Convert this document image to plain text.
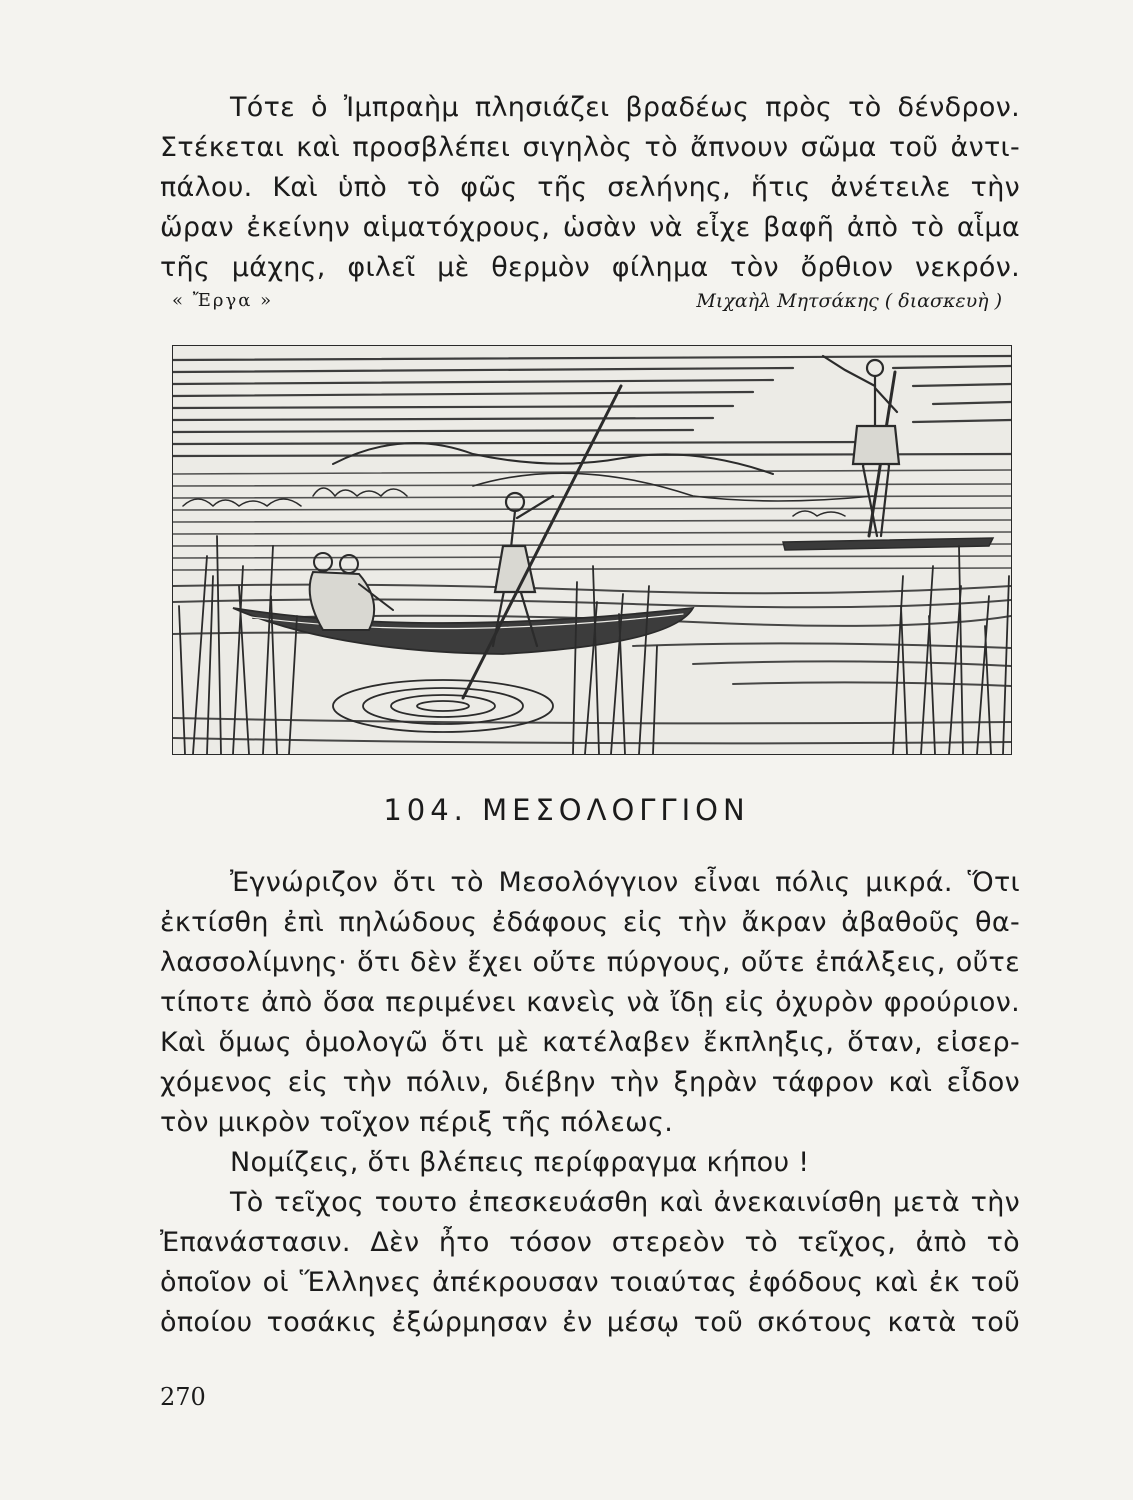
Τότε ὁ Ἰμπραὴμ πλησιάζει βραδέως πρὸς τὸ δένδρον.
Στέκεται καὶ προσβλέπει σιγηλὸς τὸ ἄπνουν σῶμα τοῦ ἀντι-
πάλου. Καὶ ὑπὸ τὸ φῶς τῆς σελήνης, ἥτις ἀνέτειλε τὴν
ὥραν ἐκείνην αἱματόχρους, ὡσὰν νὰ εἶχε βαφῆ ἀπὸ τὸ αἷμα
τῆς μάχης, φιλεῖ μὲ θερμὸν φίλημα τὸν ὄρθιον νεκρόν.
« Ἔργα »	Μιχαὴλ Μητσάκης ( διασκευὴ )
104. ΜΕΣΟΛΟΓΓΙΟΝ
Ἐγνώριζον ὅτι τὸ Μεσολόγγιον εἶναι πόλις μικρά. Ὅτι
ἐκτίσθη ἐπὶ πηλώδους ἐδάφους εἰς τὴν ἄκραν ἀβαθοῦς θα-
λασσολίμνης· ὅτι δὲν ἔχει οὔτε πύργους, οὔτε ἐπάλξεις, οὔτε
τίποτε ἀπὸ ὅσα περιμένει κανεὶς νὰ ἴδῃ εἰς ὀχυρὸν φρούριον.
Καὶ ὅμως ὁμολογῶ ὅτι μὲ κατέλαβεν ἔκπληξις, ὅταν, εἰσερ-
χόμενος εἰς τὴν πόλιν, διέβην τὴν ξηρὰν τάφρον καὶ εἶδον
τὸν μικρὸν τοῖχον πέριξ τῆς πόλεως.
Νομίζεις, ὅτι βλέπεις περίφραγμα κήπου !
Τὸ τεῖχος τουτο ἐπεσκευάσθη καὶ ἀνεκαινίσθη μετὰ τὴν
Ἐπανάστασιν. Δὲν ἦτο τόσον στερεὸν τὸ τεῖχος, ἀπὸ τὸ
ὁποῖον οἱ Ἕλληνες ἀπέκρουσαν τοιαύτας ἐφόδους καὶ ἐκ τοῦ
ὁποίου τοσάκις ἐξώρμησαν ἐν μέσῳ τοῦ σκότους κατὰ τοῦ
270
